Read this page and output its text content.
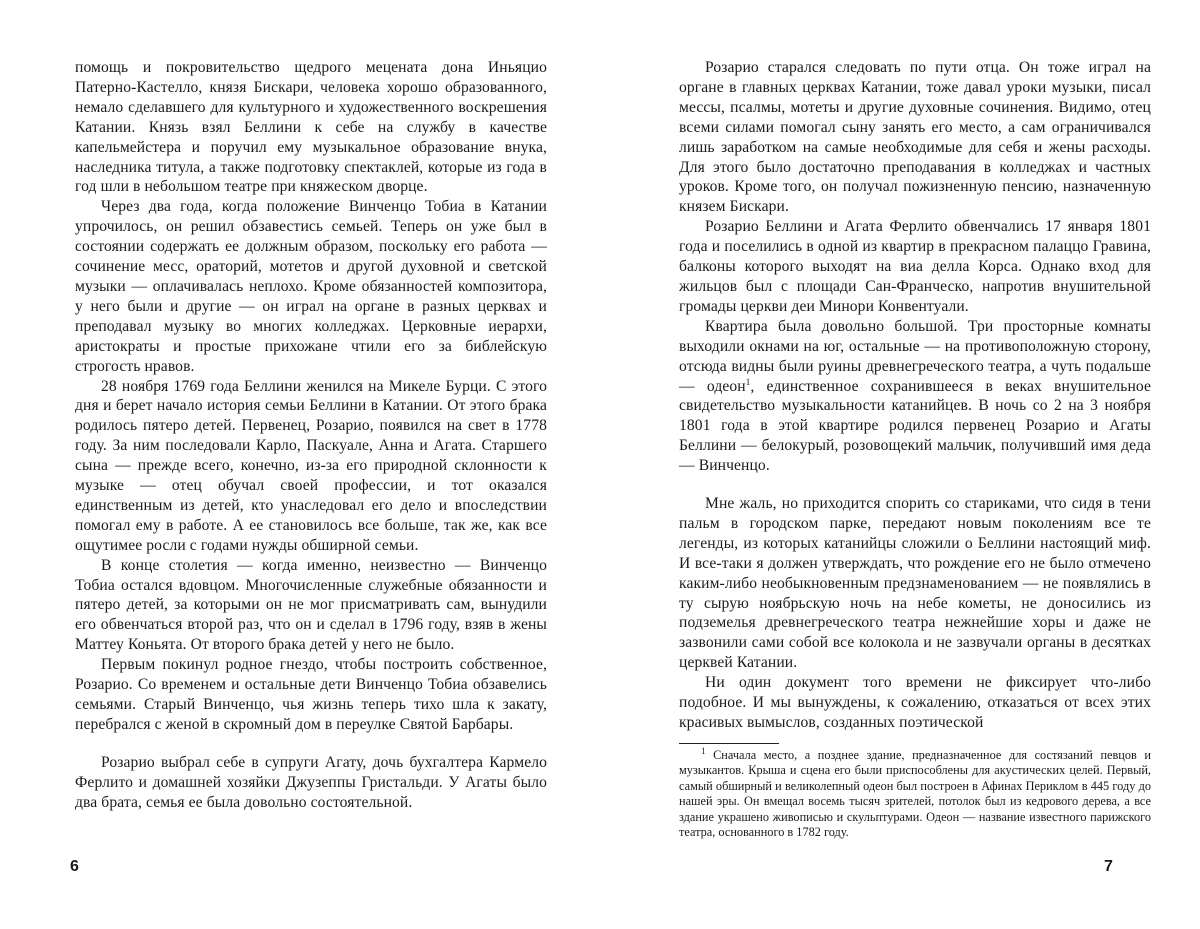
помощь и покровительство щедрого мецената дона Иньяцио Патерно-Кастелло, князя Бискари, человека хорошо образованного, немало сделавшего для культурного и художественного воскрешения Катании. Князь взял Беллини к себе на службу в качестве капельмейстера и поручил ему музыкальное образование внука, наследника титула, а также подготовку спектаклей, которые из года в год шли в небольшом театре при княжеском дворце.

Через два года, когда положение Винченцо Тобиа в Катании упрочилось, он решил обзавестись семьей. Теперь он уже был в состоянии содержать ее должным образом, поскольку его работа — сочинение месс, ораторий, мотетов и другой духовной и светской музыки — оплачивалась неплохо. Кроме обязанностей композитора, у него были и другие — он играл на органе в разных церквах и преподавал музыку во многих колледжах. Церковные иерархи, аристократы и простые прихожане чтили его за библейскую строгость нравов.

28 ноября 1769 года Беллини женился на Микеле Бурци. С этого дня и берет начало история семьи Беллини в Катании. От этого брака родилось пятеро детей. Первенец, Розарио, появился на свет в 1778 году. За ним последовали Карло, Паскуале, Анна и Агата. Старшего сына — прежде всего, конечно, из-за его природной склонности к музыке — отец обучал своей профессии, и тот оказался единственным из детей, кто унаследовал его дело и впоследствии помогал ему в работе. А ее становилось все больше, так же, как все ощутимее росли с годами нужды обширной семьи.

В конце столетия — когда именно, неизвестно — Винченцо Тобиа остался вдовцом. Многочисленные служебные обязанности и пятеро детей, за которыми он не мог присматривать сам, вынудили его обвенчаться второй раз, что он и сделал в 1796 году, взяв в жены Маттеу Коньята. От второго брака детей у него не было.

Первым покинул родное гнездо, чтобы построить собственное, Розарио. Со временем и остальные дети Винченцо Тобиа обзавелись семьями. Старый Винченцо, чья жизнь теперь тихо шла к закату, перебрался с женой в скромный дом в переулке Святой Барбары.

Розарио выбрал себе в супруги Агату, дочь бухгалтера Кармело Ферлито и домашней хозяйки Джузеппы Гристальди. У Агаты было два брата, семья ее была довольно состоятельной.

6

Розарио старался следовать по пути отца. Он тоже играл на органе в главных церквах Катании, тоже давал уроки музыки, писал мессы, псалмы, мотеты и другие духовные сочинения. Видимо, отец всеми силами помогал сыну занять его место, а сам ограничивался лишь заработком на самые необходимые для себя и жены расходы. Для этого было достаточно преподавания в колледжах и частных уроков. Кроме того, он получал пожизненную пенсию, назначенную князем Бискари.

Розарио Беллини и Агата Ферлито обвенчались 17 января 1801 года и поселились в одной из квартир в прекрасном палаццо Гравина, балконы которого выходят на виа делла Корса. Однако вход для жильцов был с площади Сан-Франческо, напротив внушительной громады церкви деи Минори Конвентуали.

Квартира была довольно большой. Три просторные комнаты выходили окнами на юг, остальные — на противоположную сторону, отсюда видны были руины древнегреческого театра, а чуть подальше — одеон1, единственное сохранившееся в веках внушительное свидетельство музыкальности катанийцев. В ночь со 2 на 3 ноября 1801 года в этой квартире родился первенец Розарио и Агаты Беллини — белокурый, розовощекий мальчик, получивший имя деда — Винченцо.

Мне жаль, но приходится спорить со стариками, что сидя в тени пальм в городском парке, передают новым поколениям все те легенды, из которых катанийцы сложили о Беллини настоящий миф. И все-таки я должен утверждать, что рождение его не было отмечено каким-либо необыкновенным предзнаменованием — не появлялись в ту сырую ноябрьскую ночь на небе кометы, не доносились из подземелья древнегреческого театра нежнейшие хоры и даже не зазвонили сами собой все колокола и не зазвучали органы в десятках церквей Катании.

Ни один документ того времени не фиксирует что-либо подобное. И мы вынуждены, к сожалению, отказаться от всех этих красивых вымыслов, созданных поэтической

1 Сначала место, а позднее здание, предназначенное для состязаний певцов и музыкантов. Крыша и сцена его были приспособлены для акустических целей. Первый, самый обширный и великолепный одеон был построен в Афинах Периклом в 445 году до нашей эры. Он вмещал восемь тысяч зрителей, потолок был из кедрового дерева, а все здание украшено живописью и скульптурами. Одеон — название известного парижского театра, основанного в 1782 году.

7
